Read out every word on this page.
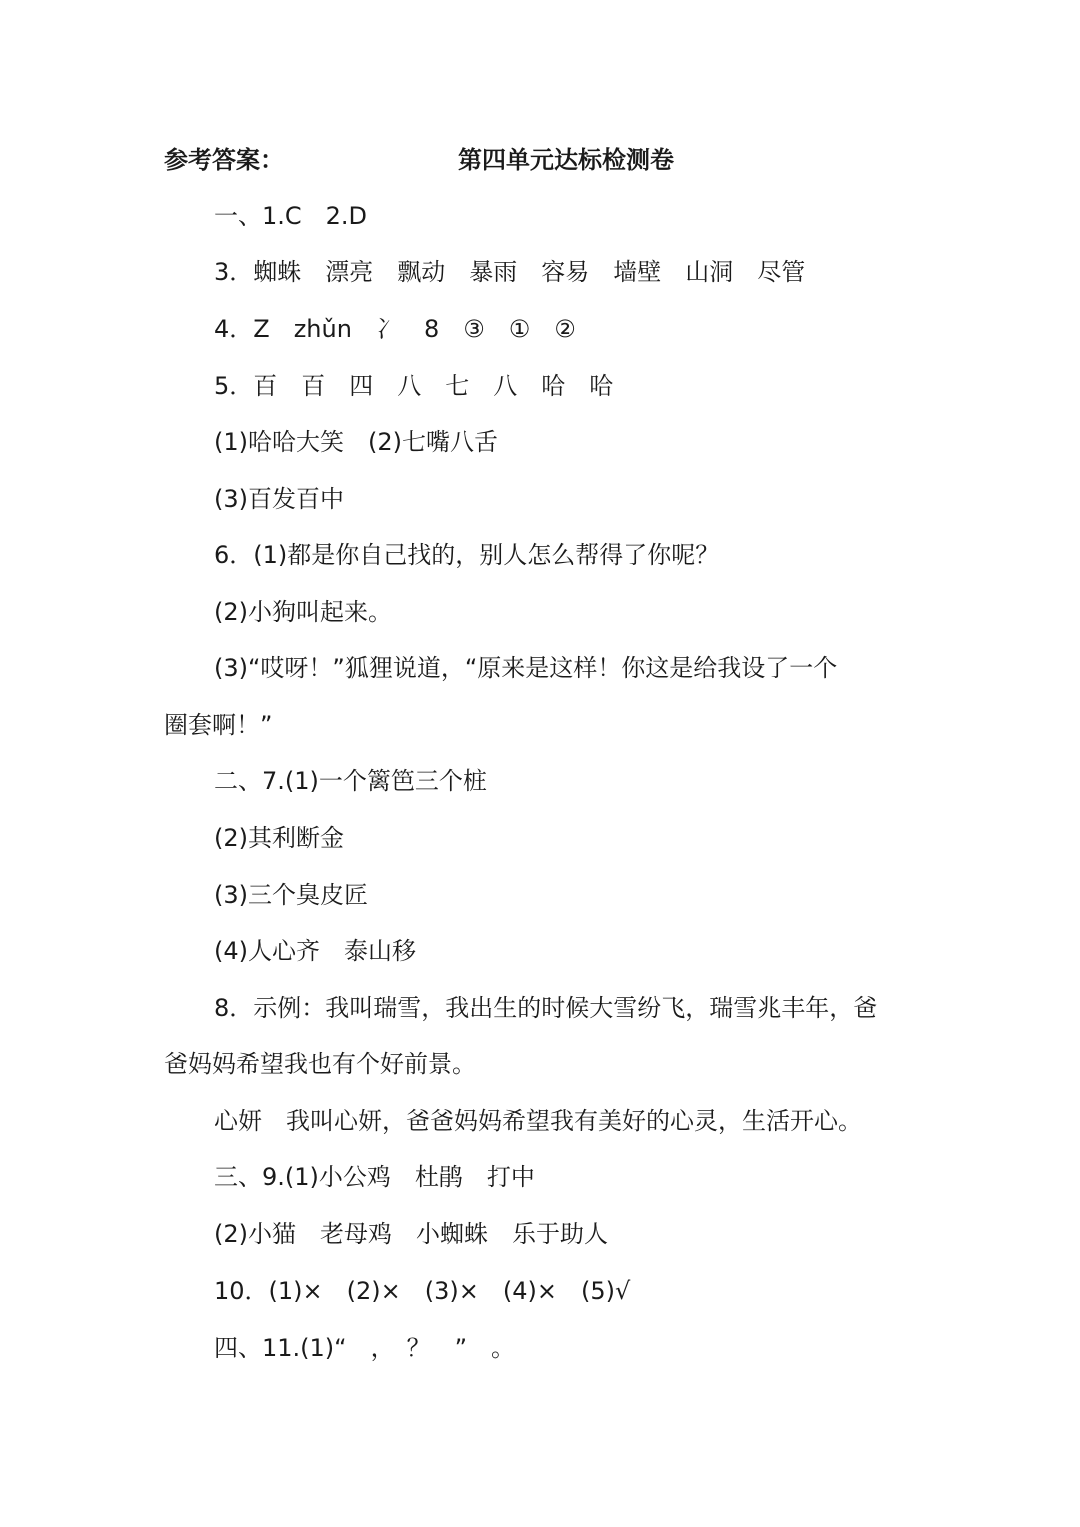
参考答案：	第四单元达标检测卷
一、1.C　2.D
3．蜘蛛　漂亮　飘动　暴雨　容易　墙壁　山洞　尽管
4．Z　zhǔn　冫　8　③　①　②
5．百　百　四　八　七　八　哈　哈
(1)哈哈大笑　(2)七嘴八舌
(3)百发百中
6．(1)都是你自己找的，别人怎么帮得了你呢？
(2)小狗叫起来。
(3)“哎呀！”狐狸说道，“原来是这样！你这是给我设了一个
圈套啊！”
二、7.(1)一个篱笆三个桩
(2)其利断金
(3)三个臭皮匠
(4)人心齐　泰山移
8．示例：我叫瑞雪，我出生的时候大雪纷飞，瑞雪兆丰年，爸
爸妈妈希望我也有个好前景。
心妍　我叫心妍，爸爸妈妈希望我有美好的心灵，生活开心。
三、9.(1)小公鸡　杜鹃　打中
(2)小猫　老母鸡　小蜘蛛　乐于助人
10．(1)×　(2)×　(3)×　(4)×　(5)√
四、11.(1)“　，　？　”　。
